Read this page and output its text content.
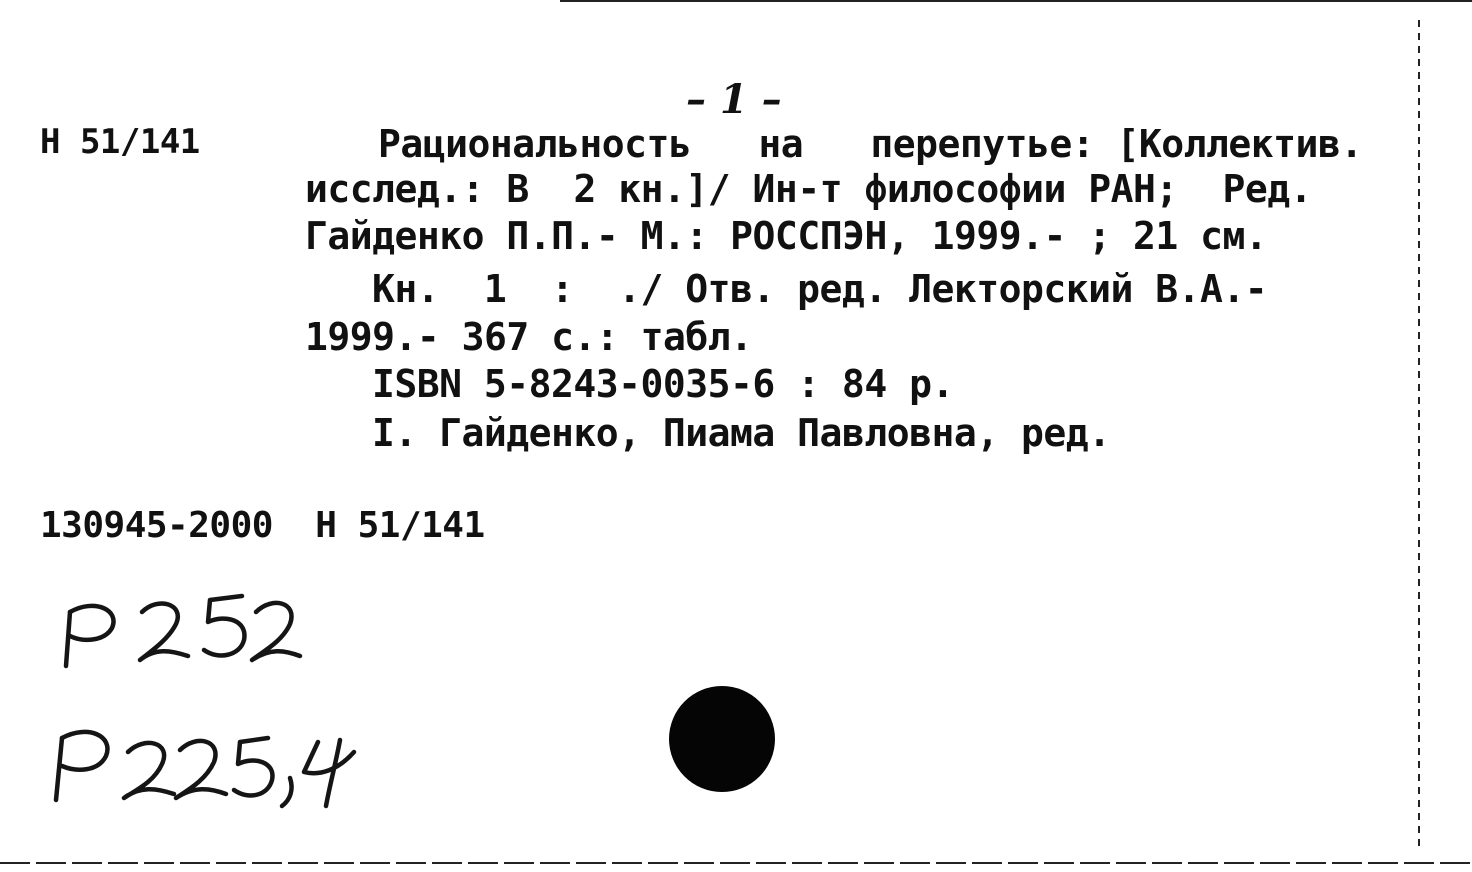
– 1 –
Н 51/141	Рациональность   на   перепутье: [Коллектив.
исслед.: В  2 кн.]/ Ин-т философии РАН;  Ред.
Гайденко П.П.- М.: РОССПЭН, 1999.- ; 21 см.
Кн.  1  :  ./ Отв. ред. Лекторский В.А.-
1999.- 367 с.: табл.
ISBN 5-8243-0035-6 : 84 р.
I. Гайденко, Пиама Павловна, ред.
130945-2000  Н 51/141
